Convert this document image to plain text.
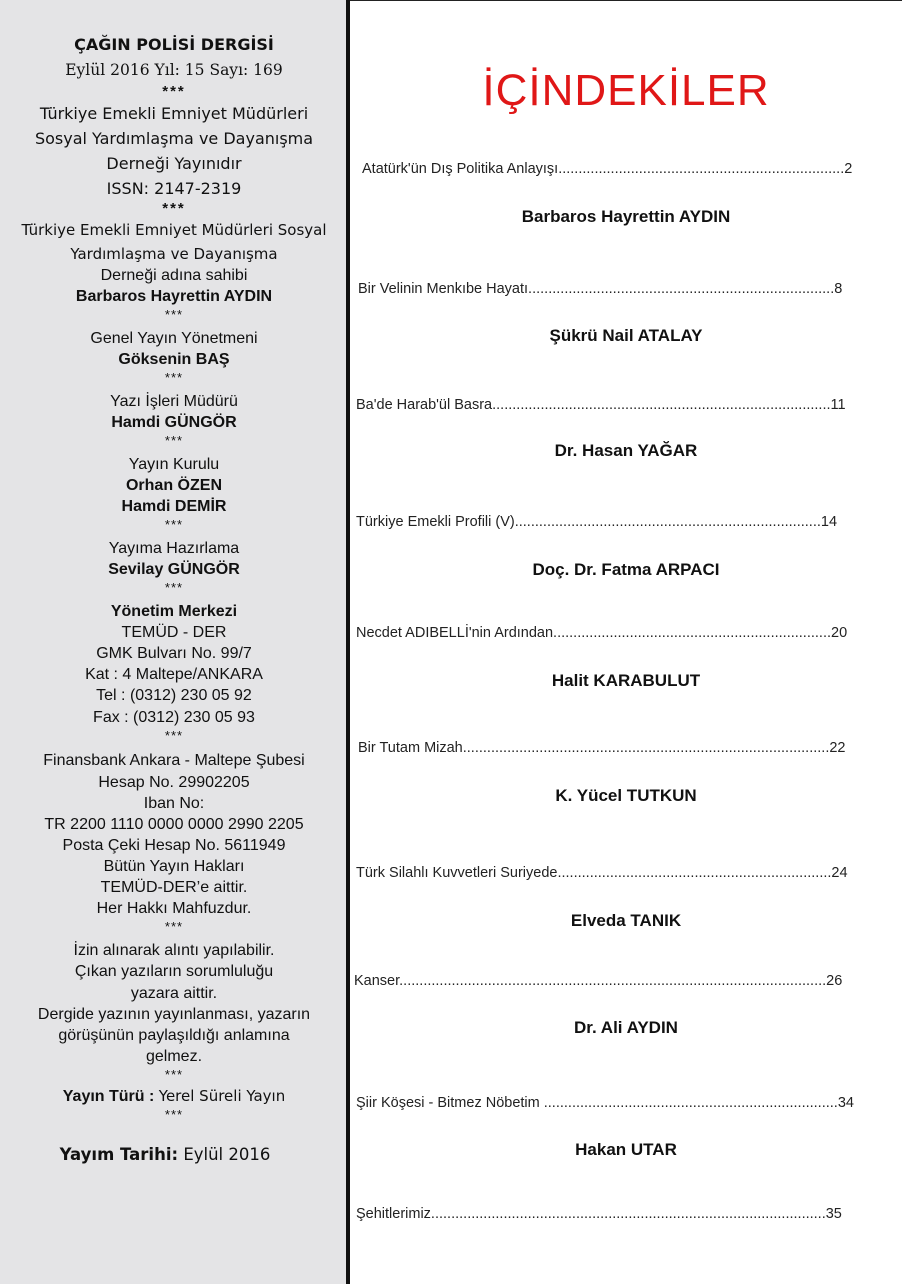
ÇAĞIN POLİSİ DERGİSİ
Eylül 2016 Yıl: 15 Sayı: 169
***
Türkiye Emekli Emniyet Müdürleri
Sosyal Yardımlaşma ve Dayanışma
Derneği Yayınıdır
ISSN: 2147-2319
***
Türkiye Emekli Emniyet Müdürleri Sosyal
Yardımlaşma ve Dayanışma
Derneği adına sahibi
Barbaros Hayrettin AYDIN
***
Genel Yayın Yönetmeni
Göksenin BAŞ
***
Yazı İşleri Müdürü
Hamdi GÜNGÖR
***
Yayın Kurulu
Orhan ÖZEN
Hamdi DEMİR
***
Yayıma Hazırlama
Sevilay GÜNGÖR
***
Yönetim Merkezi
TEMÜD - DER
GMK Bulvarı No. 99/7
Kat : 4 Maltepe/ANKARA
Tel : (0312) 230 05 92
Fax : (0312) 230 05 93
***
Finansbank Ankara - Maltepe Şubesi
Hesap No. 29902205
Iban No:
TR 2200 1110 0000 0000 2990 2205
Posta Çeki Hesap No. 5611949
Bütün Yayın Hakları
TEMÜD-DER’e aittir.
Her Hakkı Mahfuzdur.
***
İzin alınarak alıntı yapılabilir.
Çıkan yazıların sorumluluğu
yazara aittir.
Dergide yazının yayınlanması, yazarın
görüşünün paylaşıldığı anlamına
gelmez.
***
Yayın Türü : Yerel Süreli Yayın
***
Yayım Tarihi: Eylül 2016
İÇİNDEKİLER
Atatürk'ün Dış Politika Anlayışı.......................................................................2
Barbaros Hayrettin AYDIN
Bir Velinin Menkıbe Hayatı............................................................................8
Şükrü Nail ATALAY
Ba'de Harab'ül Basra....................................................................................11
Dr. Hasan YAĞAR
Türkiye Emekli Profili (V)............................................................................14
Doç. Dr. Fatma ARPACI
Necdet ADIBELLİ'nin Ardından.....................................................................20
Halit KARABULUT
Bir Tutam Mizah...........................................................................................22
K. Yücel TUTKUN
Türk Silahlı Kuvvetleri Suriyede....................................................................24
Elveda TANIK
Kanser..........................................................................................................26
Dr. Ali AYDIN
Şiir Köşesi - Bitmez Nöbetim .........................................................................34
Hakan UTAR
Şehitlerimiz..................................................................................................35
